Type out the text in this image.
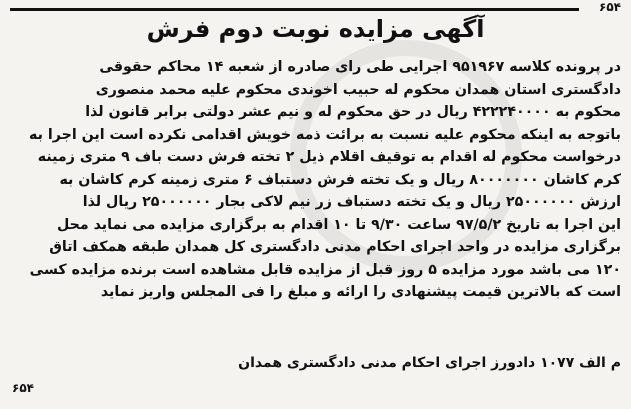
۶۵۴
آگهی مزایده نوبت دوم فرش
در پرونده کلاسه ۹۵۱۹۶۷ اجرایی طی رای صادره از شعبه ۱۴ محاکم حقوقی
دادگستری استان همدان محکوم له حبیب اخوندی محکوم علیه محمد منصوری
محکوم به ۴۲۲۲۴۰۰۰۰ ریال در حق محکوم له و نیم عشر دولتی برابر قانون لذا
باتوجه به اینکه محکوم علیه نسبت به برائت ذمه خویش اقدامی نکرده است این اجرا به
درخواست محکوم له اقدام به توقیف اقلام ذیل ۲ تخته فرش دست باف ۹ متری زمینه
کرم کاشان ۸۰۰۰۰۰۰۰ ریال و یک تخته فرش دستباف ۶ متری زمینه کرم کاشان به
ارزش ۲۵۰۰۰۰۰۰ ریال و یک تخته دستباف زر نیم لاکی بجار ۲۵۰۰۰۰۰۰ ریال لذا
این اجرا به تاریخ ۹۷/۵/۲ ساعت ۹/۳۰ تا ۱۰ اقدام به برگزاری مزایده می نماید محل
برگزاری مزایده در واحد اجرای احکام مدنی دادگستری کل همدان طبقه همکف اتاق
۱۲۰ می باشد مورد مزایده ۵ روز قبل از مزایده قابل مشاهده است برنده مزایده کسی
است که بالاترین قیمت پیشنهادی را ارائه و مبلغ را فی المجلس واریز نماید
م الف ۱۰۷۷ دادورز اجرای احکام مدنی دادگستری همدان
۶۵۴
